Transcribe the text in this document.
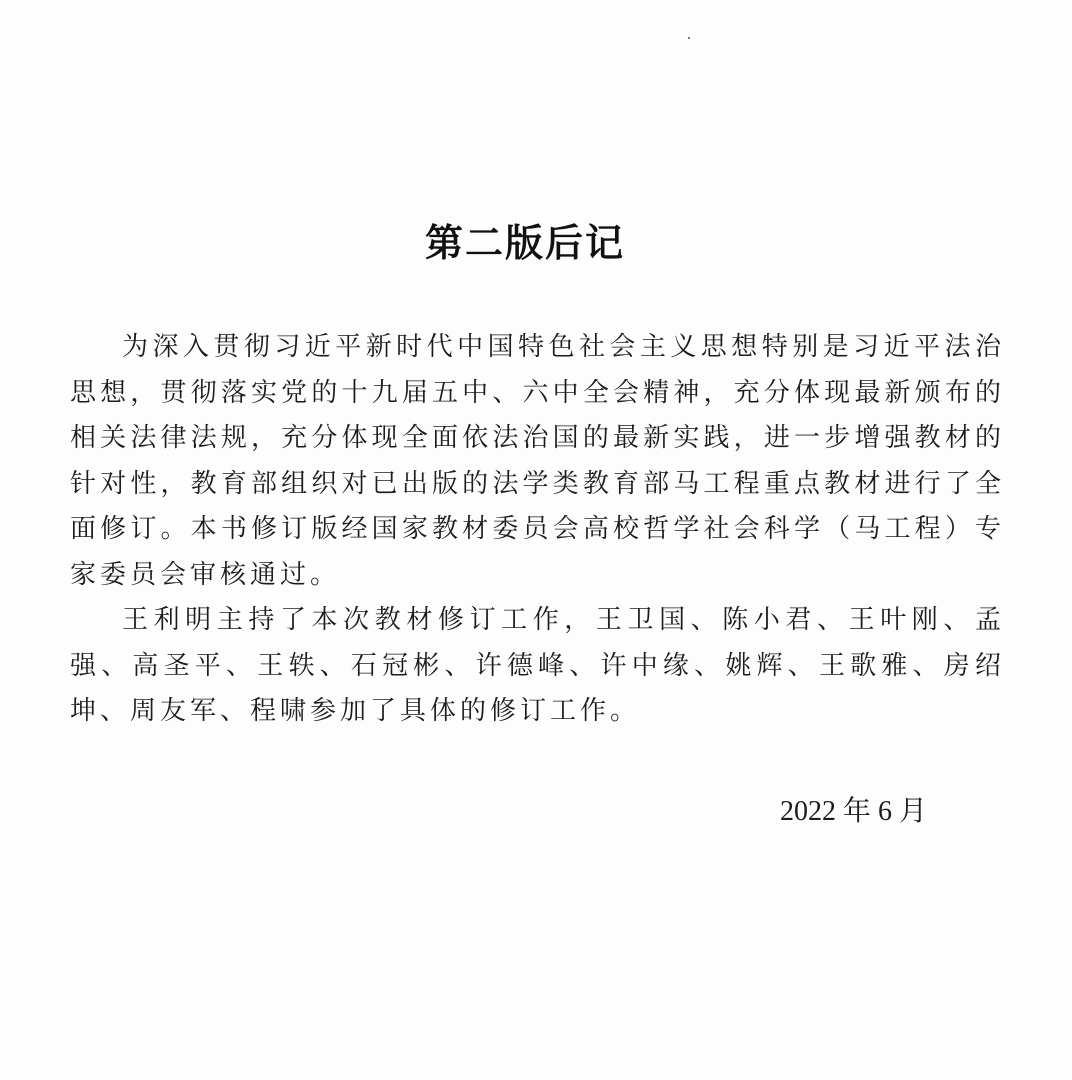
第二版后记

为深入贯彻习近平新时代中国特色社会主义思想特别是习近平法治思想，贯彻落实党的十九届五中、六中全会精神，充分体现最新颁布的相关法律法规，充分体现全面依法治国的最新实践，进一步增强教材的针对性，教育部组织对已出版的法学类教育部马工程重点教材进行了全面修订。本书修订版经国家教材委员会高校哲学社会科学（马工程）专家委员会审核通过。

王利明主持了本次教材修订工作，王卫国、陈小君、王叶刚、孟强、高圣平、王轶、石冠彬、许德峰、许中缘、姚辉、王歌雅、房绍坤、周友军、程啸参加了具体的修订工作。

2022 年 6 月
